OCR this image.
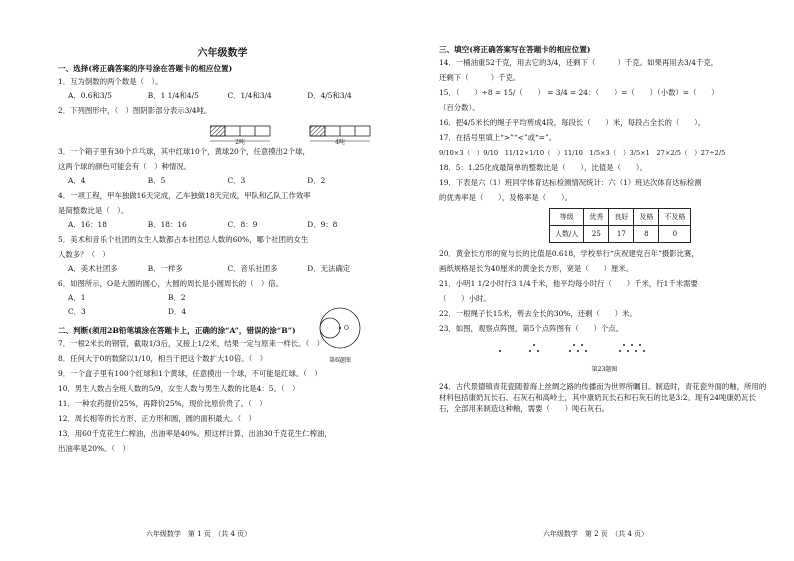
六年级数学
一、选择(将正确答案的序号涂在答题卡的相应位置)
1．互为倒数的两个数是（　）。
A．0.6和3/5	B．1 1/4和4/5	C．1/4和3/4	D．4/5和3/4
2．下列图形中，（　）图阴影部分表示3/4吨。
3．一个箱子里有30个乒乓球，其中红球10个，黄球20个，任意摸出2个球，
这两个球的颜色可能会有（　）种情况。
A．4	B．5	C．3	D．2
4．一项工程，甲车独做16天完成，乙车独做18天完成，甲队和乙队工作效率
是简整数比是（　）。
A．16：18	B．18：16	C．8：9	D．9：8
5．美术和音乐个社团的女生人数都占本社团总人数的60%，哪个社团的女生
人数多？（　）
A．美术社团多	B．一样多	C．音乐社团多	D．无法确定
6．如图所示，O是大圆的圆心，大圆的周长是小圆周长的（　）倍。
A．1	B．2
C．3	D．4
二、判断(须用2B铅笔填涂在答题卡上，正确的涂“A”，错误的涂“B”)
7．一根2米长的钢管，截取1/3后，又接上1/2米，结果一定与原来一样长。（　）
8．任何大于0的数除以1/10，相当于把这个数扩大10倍。（　）
9．一个盒子里有100个红球和1个黄球，任意摸出一个球，不可能是红球。（　）
10．男生人数占全班人数的5/9，女生人数与男生人数的比是4：5。（　）
11．一种农药提价25%，再降价25%，现价比原价贵了。（　）
12．周长相等的长方形、正方形和圆，圆的面积最大。（　）
13．用60千克花生仁榨油，出油率是40%。照这样计算，出油30千克花生仁榨油，
出油率是20%。（　）
六年级数学　第 1 页　（共 4 页）
2吨	4吨
O
第6题图
三、填空(将正确答案写在答题卡的相应位置)
14．一桶油重52千克，用去它的3/4，还剩下（　　　）千克。如果再用去3/4千克，
还剩下（　　　）千克。
15．（　　）÷8 = 15/（　　） = 3/4 = 24：（　　）=（　　）（小数）=（　　）
（百分数）。
16．把4/5米长的绳子平均剪成4段，每段长（　　）米，每段占全长的（　　）。
17．在括号里填上“>”“<”或“=”。
9/10×3（　）9/10　11/12×1/10（　）11/10　1/5×3（　）3/5×1　27×2/5（　）27÷2/5
18．5：1.25化成最简单的整数比是（　　），比值是（　　）。
19．下表是六（1）班同学体育达标检测情况统计：六（1）班达次体育达标检测
的优秀率是（　　），及格率是（　　）。
等级	优秀	良好	及格	不及格
人数/人	25	17	8	0
20．黄金长方形的宽与长的比值是0.618，学校举行“庆祝建党百年”摄影比赛，
画纸规格是长为40厘米的黄金长方形，宽是（　　）厘米。
21．小明1 1/2小时行3 1/4千米，他平均每小时行（　　）千米，行1千米需要
（　　）小时。
22．一根绳子长15米，剪去全长的30%，还剩（　　）米。
23．如图，观察点阵图，第5个点阵图有（　　）个点。
第23题图
24．古代景德镇青花瓷随着海上丝绸之路的传播而为世界所瞩目。制造时，青花瓷外面的釉，所用的材料包括康奶瓦长石、石灰石和高岭土，其中康奶瓦长石和石灰石的比是3:2。现有24吨康奶瓦长石，全部用来制造这种釉，需要（　　）吨石灰石。
六年级数学　第 2 页　（共 4 页）
